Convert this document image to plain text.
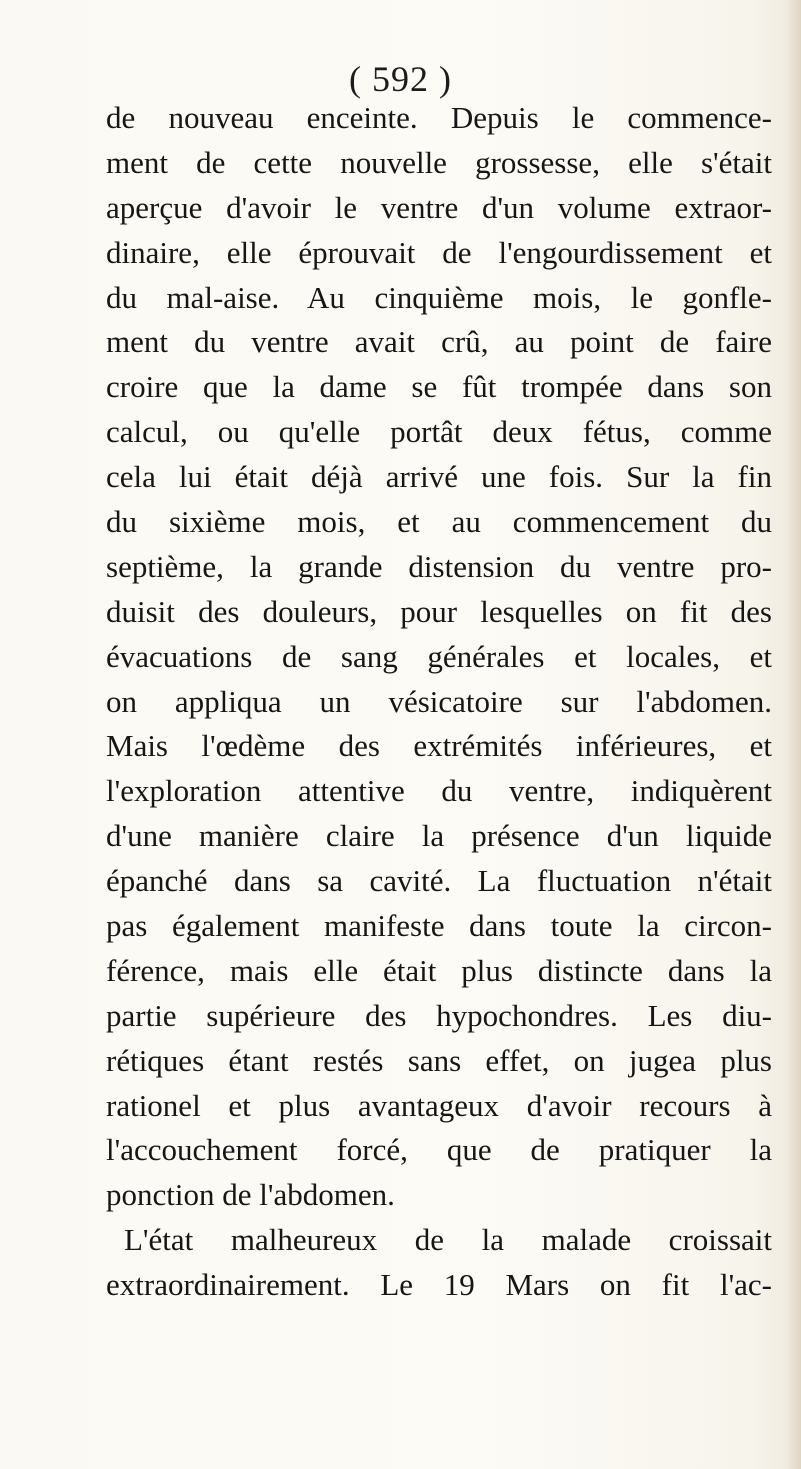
( 592 )
de nouveau enceinte. Depuis le commence-
ment de cette nouvelle grossesse, elle s'était
aperçue d'avoir le ventre d'un volume extraor-
dinaire, elle éprouvait de l'engourdissement et
du mal-aise. Au cinquième mois, le gonfle-
ment du ventre avait crû, au point de faire
croire que la dame se fût trompée dans son
calcul, ou qu'elle portât deux fétus, comme
cela lui était déjà arrivé une fois. Sur la fin
du sixième mois, et au commencement du
septième, la grande distension du ventre pro-
duisit des douleurs, pour lesquelles on fit des
évacuations de sang générales et locales, et
on appliqua un vésicatoire sur l'abdomen.
Mais l'œdème des extrémités inférieures, et
l'exploration attentive du ventre, indiquèrent
d'une manière claire la présence d'un liquide
épanché dans sa cavité. La fluctuation n'était
pas également manifeste dans toute la circon-
férence, mais elle était plus distincte dans la
partie supérieure des hypochondres. Les diu-
rétiques étant restés sans effet, on jugea plus
rationel et plus avantageux d'avoir recours à
l'accouchement forcé, que de pratiquer la
ponction de l'abdomen.
L'état malheureux de la malade croissait
extraordinairement. Le 19 Mars on fit l'ac-
